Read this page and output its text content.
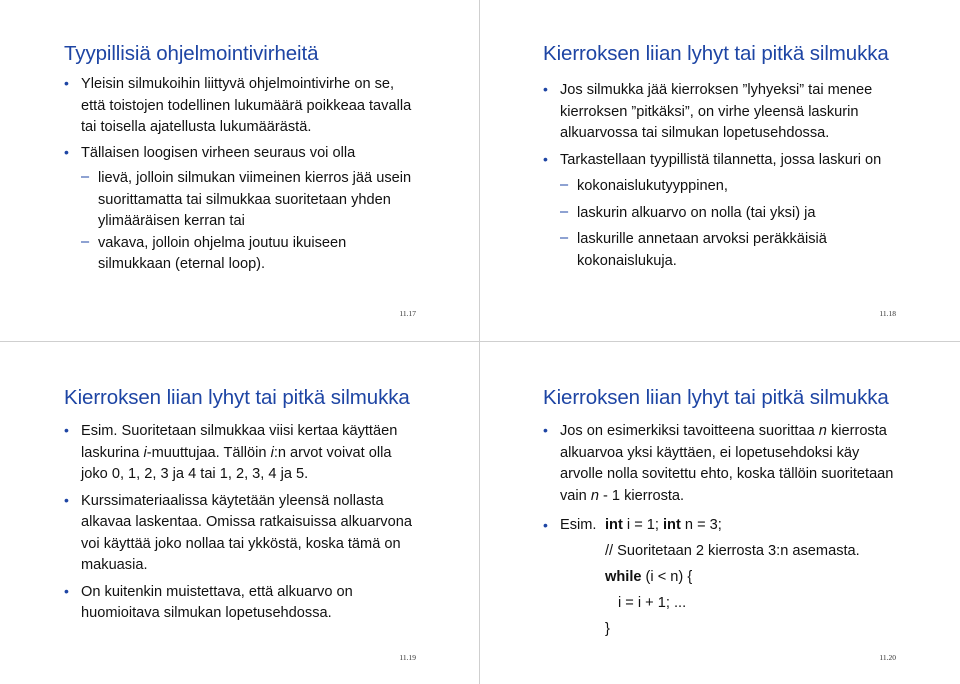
Tyypillisiä ohjelmointivirheitä
• Yleisin silmukoihin liittyvä ohjelmointivirhe on se,
että toistojen todellinen lukumäärä poikkeaa tavalla
tai toisella ajatellusta lukumäärästä.
• Tällaisen loogisen virheen seuraus voi olla
– lievä, jolloin silmukan viimeinen kierros jää usein
suorittamatta tai silmukkaa suoritetaan yhden
ylimääräisen kerran tai
– vakava, jolloin ohjelma joutuu ikuiseen
silmukkaan (eternal loop).
11.17
Kierroksen liian lyhyt tai pitkä silmukka
• Jos silmukka jää kierroksen ”lyhyeksi” tai menee
kierroksen ”pitkäksi”, on virhe yleensä laskurin
alkuarvossa tai silmukan lopetusehdossa.
• Tarkastellaan tyypillistä tilannetta, jossa laskuri on
– kokonaislukutyyppinen,
– laskurin alkuarvo on nolla (tai yksi) ja
– laskurille annetaan arvoksi peräkkäisiä
kokonaislukuja.
11.18
Kierroksen liian lyhyt tai pitkä silmukka
• Esim. Suoritetaan silmukkaa viisi kertaa käyttäen
laskurina i-muuttujaa. Tällöin i:n arvot voivat olla
joko 0, 1, 2, 3 ja 4 tai 1, 2, 3, 4 ja 5.
• Kurssimateriaalissa käytetään yleensä nollasta
alkavaa laskentaa. Omissa ratkaisuissa alkuarvona
voi käyttää joko nollaa tai ykköstä, koska tämä on
makuasia.
• On kuitenkin muistettava, että alkuarvo on
huomioitava silmukan lopetusehdossa.
11.19
Kierroksen liian lyhyt tai pitkä silmukka
• Jos on esimerkiksi tavoitteena suorittaa n kierrosta
alkuarvoa yksi käyttäen, ei lopetusehdoksi käy
arvolle nolla sovitettu ehto, koska tällöin suoritetaan
vain n - 1 kierrosta.
• Esim. int i = 1; int n = 3;
// Suoritetaan 2 kierrosta 3:n asemasta.
while (i < n) {
i = i + 1; ...
}
11.20
